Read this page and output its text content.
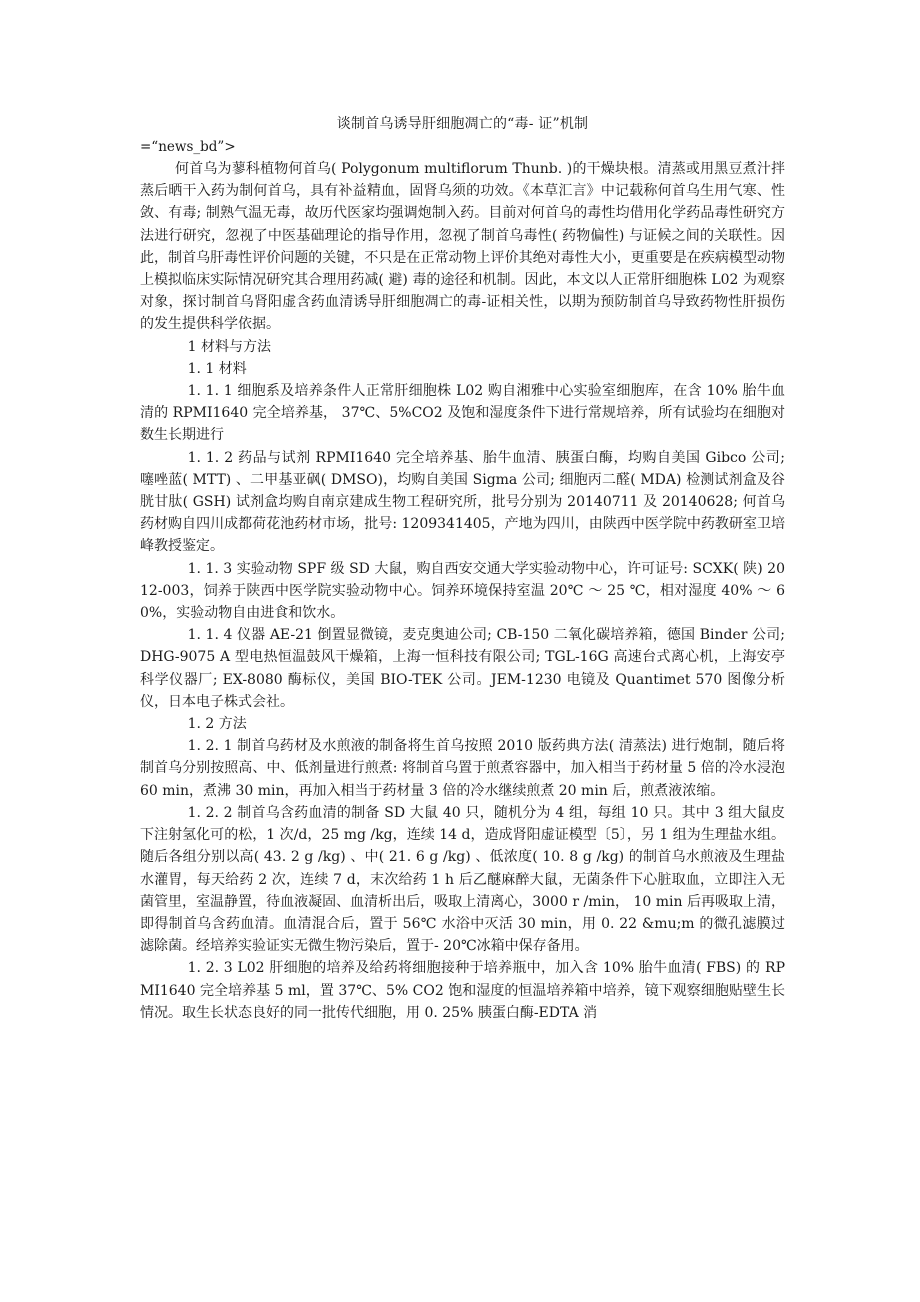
谈制首乌诱导肝细胞凋亡的“毒- 证”机制
=“news_bd”>

何首乌为蓼科植物何首乌( Polygonum multiflorum Thunb. )的干燥块根。清蒸或用黑豆煮汁拌蒸后晒干入药为制何首乌，具有补益精血，固肾乌须的功效。《本草汇言》中记载称何首乌生用气寒、性敛、有毒; 制熟气温无毒，故历代医家均强调炮制入药。目前对何首乌的毒性均借用化学药品毒性研究方法进行研究，忽视了中医基础理论的指导作用，忽视了制首乌毒性( 药物偏性) 与证候之间的关联性。因此，制首乌肝毒性评价问题的关键，不只是在正常动物上评价其绝对毒性大小，更重要是在疾病模型动物上模拟临床实际情况研究其合理用药减( 避) 毒的途径和机制。因此，本文以人正常肝细胞株 L02 为观察对象，探讨制首乌肾阳虚含药血清诱导肝细胞凋亡的毒-证相关性，以期为预防制首乌导致药物性肝损伤的发生提供科学依据。

1 材料与方法

1. 1 材料

1. 1. 1 细胞系及培养条件人正常肝细胞株 L02 购自湘雅中心实验室细胞库，在含 10% 胎牛血清的 RPMI1640 完全培养基， 37℃、5%CO2 及饱和湿度条件下进行常规培养，所有试验均在细胞对数生长期进行

1. 1. 2 药品与试剂 RPMI1640 完全培养基、胎牛血清、胰蛋白酶，均购自美国 Gibco 公司; 噻唑蓝( MTT) 、二甲基亚砜( DMSO)，均购自美国 Sigma 公司; 细胞丙二醛( MDA) 检测试剂盒及谷胱甘肽( GSH) 试剂盒均购自南京建成生物工程研究所，批号分别为 20140711 及 20140628; 何首乌药材购自四川成都荷花池药材市场，批号: 1209341405，产地为四川，由陕西中医学院中药教研室卫培峰教授鉴定。

1. 1. 3 实验动物 SPF 级 SD 大鼠，购自西安交通大学实验动物中心，许可证号: SCXK( 陕) 2012-003，饲养于陕西中医学院实验动物中心。饲养环境保持室温 20℃ ～ 25 ℃，相对湿度 40% ～ 60%，实验动物自由进食和饮水。

1. 1. 4 仪器 AE-21 倒置显微镜，麦克奥迪公司; CB-150 二氧化碳培养箱，德国 Binder 公司; DHG-9075 A 型电热恒温鼓风干燥箱，上海一恒科技有限公司; TGL-16G 高速台式离心机，上海安亭科学仪器厂; EX-8080 酶标仪，美国 BIO-TEK 公司。JEM-1230 电镜及 Quantimet 570 图像分析仪，日本电子株式会社。

1. 2 方法

1. 2. 1 制首乌药材及水煎液的制备将生首乌按照 2010 版药典方法( 清蒸法) 进行炮制，随后将制首乌分别按照高、中、低剂量进行煎煮: 将制首乌置于煎煮容器中，加入相当于药材量 5 倍的冷水浸泡 60 min，煮沸 30 min，再加入相当于药材量 3 倍的冷水继续煎煮 20 min 后，煎煮液浓缩。

1. 2. 2 制首乌含药血清的制备 SD 大鼠 40 只，随机分为 4 组，每组 10 只。其中 3 组大鼠皮下注射氢化可的松，1 次/d，25 mg /kg，连续 14 d，造成肾阳虚证模型〔5〕，另 1 组为生理盐水组。随后各组分别以高( 43. 2 g /kg) 、中( 21. 6 g /kg) 、低浓度( 10. 8 g /kg) 的制首乌水煎液及生理盐水灌胃，每天给药 2 次，连续 7 d，末次给药 1 h 后乙醚麻醉大鼠，无菌条件下心脏取血，立即注入无菌管里，室温静置，待血液凝固、血清析出后，吸取上清离心，3000 r /min， 10 min 后再吸取上清，即得制首乌含药血清。血清混合后，置于 56℃ 水浴中灭活 30 min，用 0. 22 &mu;m 的微孔滤膜过滤除菌。经培养实验证实无微生物污染后，置于- 20℃冰箱中保存备用。

1. 2. 3 L02 肝细胞的培养及给药将细胞接种于培养瓶中，加入含 10% 胎牛血清( FBS) 的 RPMI1640 完全培养基 5 ml，置 37℃、5% CO2 饱和湿度的恒温培养箱中培养，镜下观察细胞贴壁生长情况。取生长状态良好的同一批传代细胞，用 0. 25% 胰蛋白酶-EDTA 消
